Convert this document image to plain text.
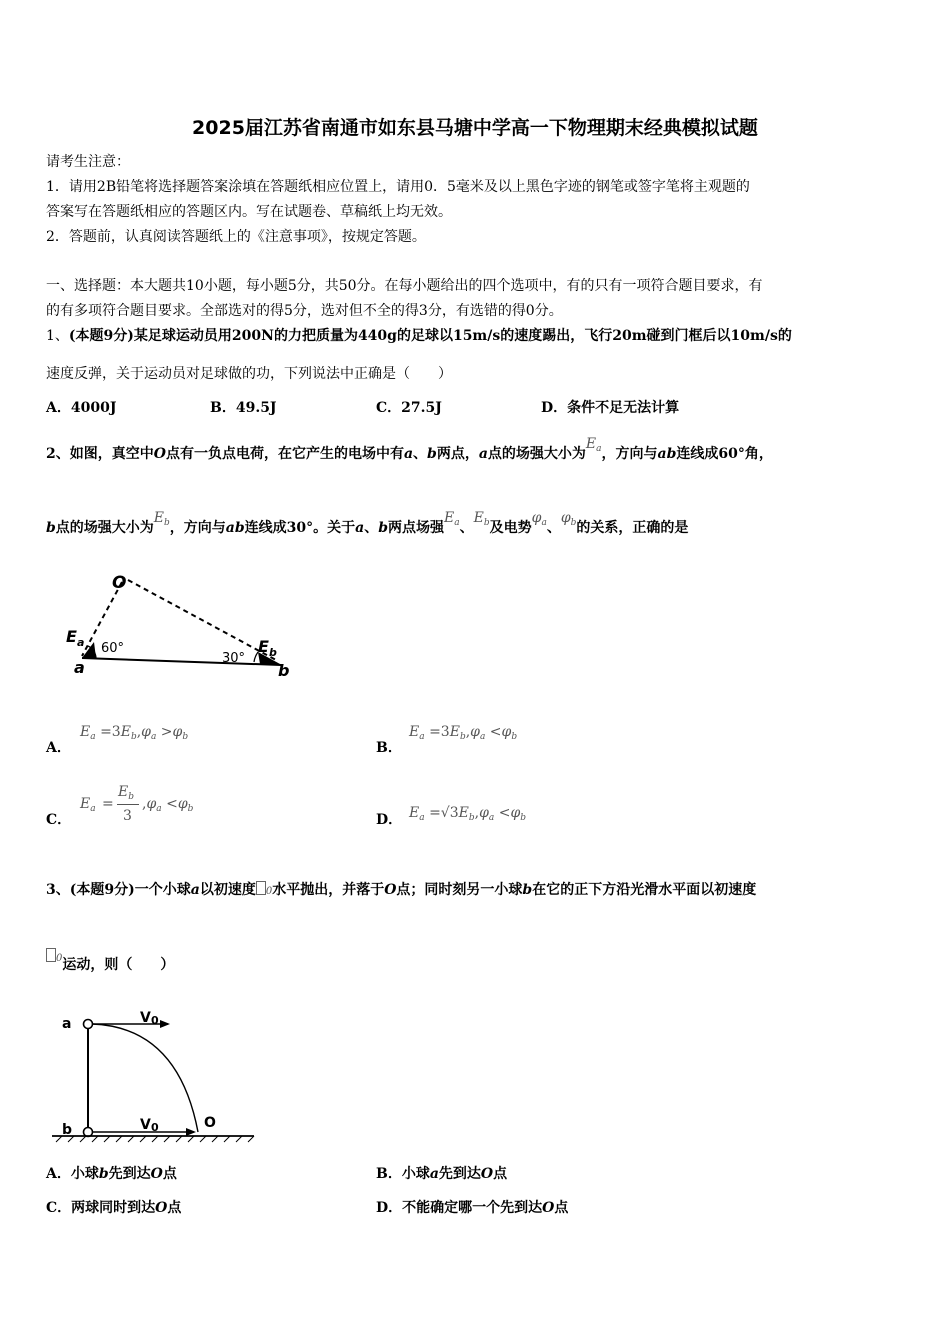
2025届江苏省南通市如东县马塘中学高一下物理期末经典模拟试题
请考生注意：
1．请用2B铅笔将选择题答案涂填在答题纸相应位置上，请用0．5毫米及以上黑色字迹的钢笔或签字笔将主观题的
答案写在答题纸相应的答题区内。写在试题卷、草稿纸上均无效。
2．答题前，认真阅读答题纸上的《注意事项》，按规定答题。
一、选择题：本大题共10小题，每小题5分，共50分。在每小题给出的四个选项中，有的只有一项符合题目要求，有
的有多项符合题目要求。全部选对的得5分，选对但不全的得3分，有选错的得0分。
1、(本题9分)某足球运动员用200N的力把质量为440g的足球以15m/s的速度踢出，飞行20m碰到门框后以10m/s的
速度反弹，关于运动员对足球做的功，下列说法中正确是（　　）
A．4000J	B．49.5J	C．27.5J	D．条件不足无法计算
2、如图，真空中O点有一负点电荷，在它产生的电场中有a、b两点，a点的场强大小为$E_a$，方向与ab连线成60°角，
b点的场强大小为$E_b$，方向与ab连线成30°。关于a、b两点场强$E_a$、$E_b$及电势$\varphi_a$、$\varphi_b$的关系，正确的是
O
E a 60°
a	30°
E b
b
A．
$E_a =3E_b,\varphi_a >\varphi_b$
B．
$E_a =3E_b,\varphi_a <\varphi_b$
C．
$E_a$ =
$E_b$
3
$,\varphi_a <\varphi_b$
D． $E_a =√3E_b,\varphi_a <\varphi_b$
3、(本题9分)一个小球a以初速度 0水平抛出，并落于O点；同时刻另一小球b在它的正下方沿光滑水平面以初速度
$^0$运动，则（　　）
a
b
V 0
V 0	O
A．小球b先到达O点	B．小球a先到达O点
C．两球同时到达O点	D．不能确定哪一个先到达O点
